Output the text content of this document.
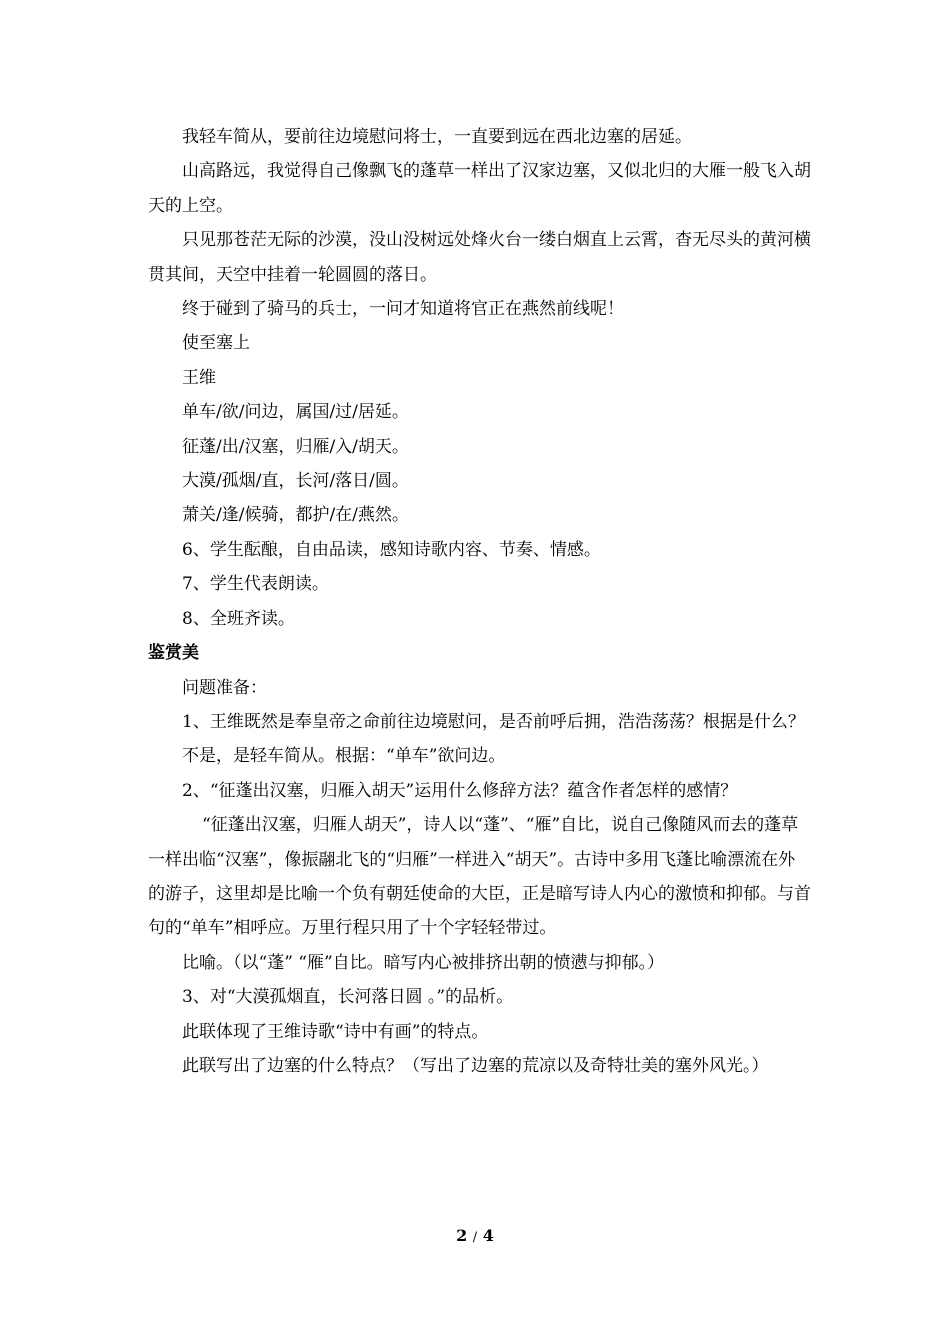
我轻车简从，要前往边境慰问将士，一直要到远在西北边塞的居延。

山高路远，我觉得自己像飘飞的蓬草一样出了汉家边塞，又似北归的大雁一般飞入胡天的上空。

只见那苍茫无际的沙漠，没山没树远处烽火台一缕白烟直上云霄，杳无尽头的黄河横贯其间，天空中挂着一轮圆圆的落日。

终于碰到了骑马的兵士，一问才知道将官正在燕然前线呢！

使至塞上

王维

单车/欲/问边，属国/过/居延。

征蓬/出/汉塞，归雁/入/胡天。

大漠/孤烟/直，长河/落日/圆。

萧关/逢/候骑，都护/在/燕然。

6、学生酝酿，自由品读，感知诗歌内容、节奏、情感。

7、学生代表朗读。

8、全班齐读。

鉴赏美

问题准备：

1、王维既然是奉皇帝之命前往边境慰问，是否前呼后拥，浩浩荡荡？根据是什么？

不是，是轻车简从。根据：“单车”欲问边。

2、“征蓬出汉塞，归雁入胡天”运用什么修辞方法？蕴含作者怎样的感情？

“征蓬出汉塞，归雁人胡天”，诗人以“蓬”、“雁”自比，说自己像随风而去的蓬草一样出临“汉塞”，像振翮北飞的“归雁”一样进入“胡天”。古诗中多用飞蓬比喻漂流在外的游子，这里却是比喻一个负有朝廷使命的大臣，正是暗写诗人内心的激愤和抑郁。与首句的“单车”相呼应。万里行程只用了十个字轻轻带过。

比喻。（以“蓬” “雁”自比。暗写内心被排挤出朝的愤懑与抑郁。）

3、对“大漠孤烟直，长河落日圆 。”的品析。

此联体现了王维诗歌“诗中有画”的特点。

此联写出了边塞的什么特点？（写出了边塞的荒凉以及奇特壮美的塞外风光。）

2 / 4
